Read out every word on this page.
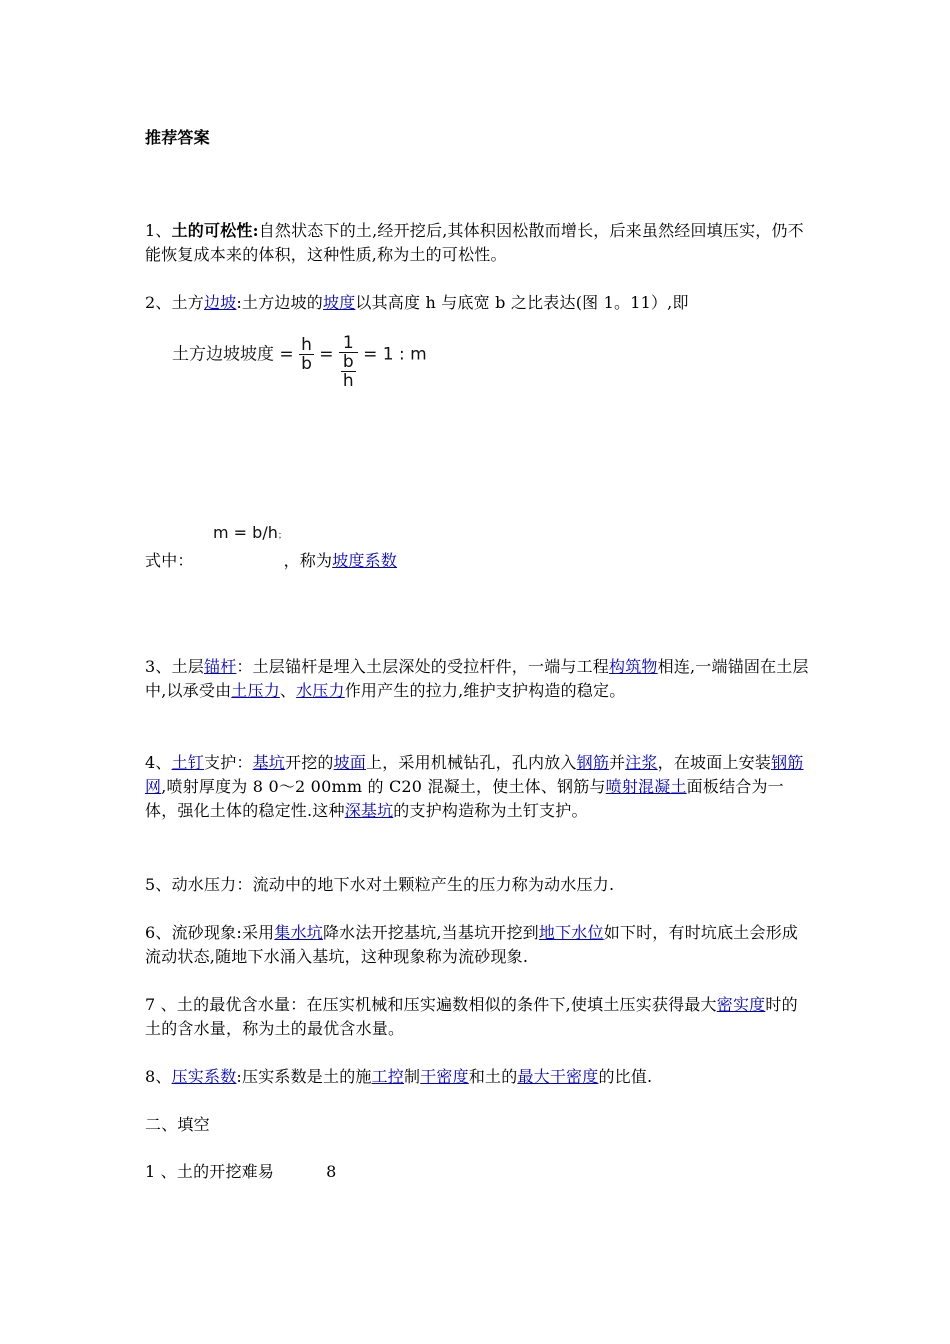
推荐答案
1、土的可松性:自然状态下的土,经开挖后,其体积因松散而增长，后来虽然经回填压实，仍不能恢复成本来的体积，这种性质,称为土的可松性。
2、土方边坡:土方边坡的坡度以其高度 h 与底宽 b 之比表达(图 1。11）,即
土方边坡坡度 = $\frac{h}{b} = \frac{1}{\frac{b}{h}} = 1$ : m
m = b/h；
式中：	，称为坡度系数
3、土层锚杆：土层锚杆是埋入土层深处的受拉杆件，一端与工程构筑物相连,一端锚固在土层中,以承受由土压力、水压力作用产生的拉力,维护支护构造的稳定。
4、土钉支护：基坑开挖的坡面上，采用机械钻孔，孔内放入钢筋并注浆，在坡面上安装钢筋网,喷射厚度为 8 0～2 00mm 的 C20 混凝土，使土体、钢筋与喷射混凝土面板结合为一体，强化土体的稳定性.这种深基坑的支护构造称为土钉支护。
5、动水压力：流动中的地下水对土颗粒产生的压力称为动水压力.
6、流砂现象:采用集水坑降水法开挖基坑,当基坑开挖到地下水位如下时，有时坑底土会形成流动状态,随地下水涌入基坑，这种现象称为流砂现象.
7 、土的最优含水量：在压实机械和压实遍数相似的条件下,使填土压实获得最大密实度时的土的含水量，称为土的最优含水量。
8、压实系数:压实系数是土的施工控制干密度和土的最大干密度的比值.
二、填空
1 、土的开挖难易	8
